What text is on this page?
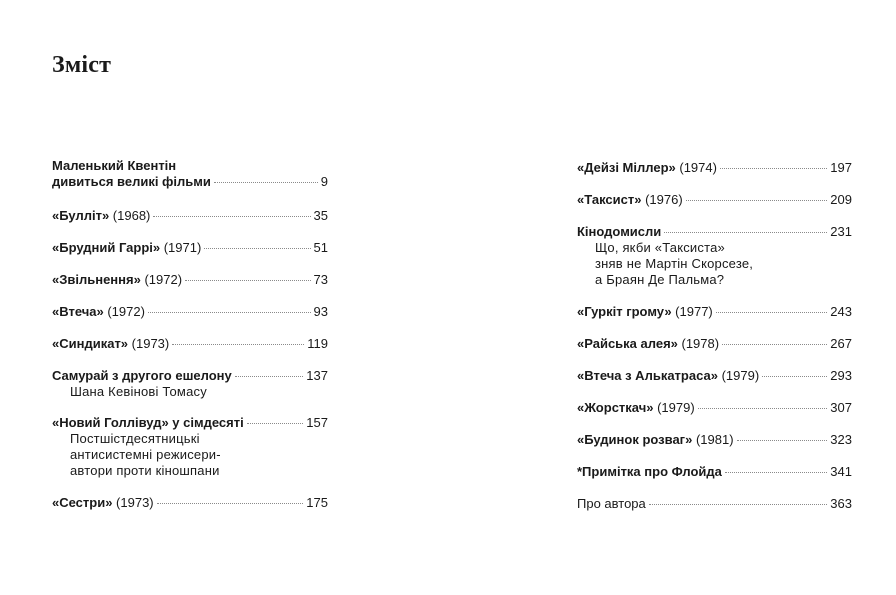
Зміст
Маленький Квентін
дивиться великі фільми	9
«Булліт» (1968)	35
«Брудний Гаррі» (1971)	51
«Звільнення» (1972)	73
«Втеча» (1972)	93
«Синдикат» (1973)	119
Самурай з другого ешелону	137
Шана Кевінові Томасу
«Новий Голлівуд» у сімдесяті	157
Постшістдесятницькі
антисистемні режисери-
автори проти кіношпани
«Сестри» (1973)	175
«Дейзі Міллер» (1974)	197
«Таксист» (1976)	209
Кінодомисли	231
Що, якби «Таксиста»
зняв не Мартін Скорсезе,
а Браян Де Пальма?
«Гуркіт грому» (1977)	243
«Райська алея» (1978)	267
«Втеча з Алькатраса» (1979)	293
«Жорсткач» (1979)	307
«Будинок розваг» (1981)	323
*Примітка про Флойда	341
Про автора	363
